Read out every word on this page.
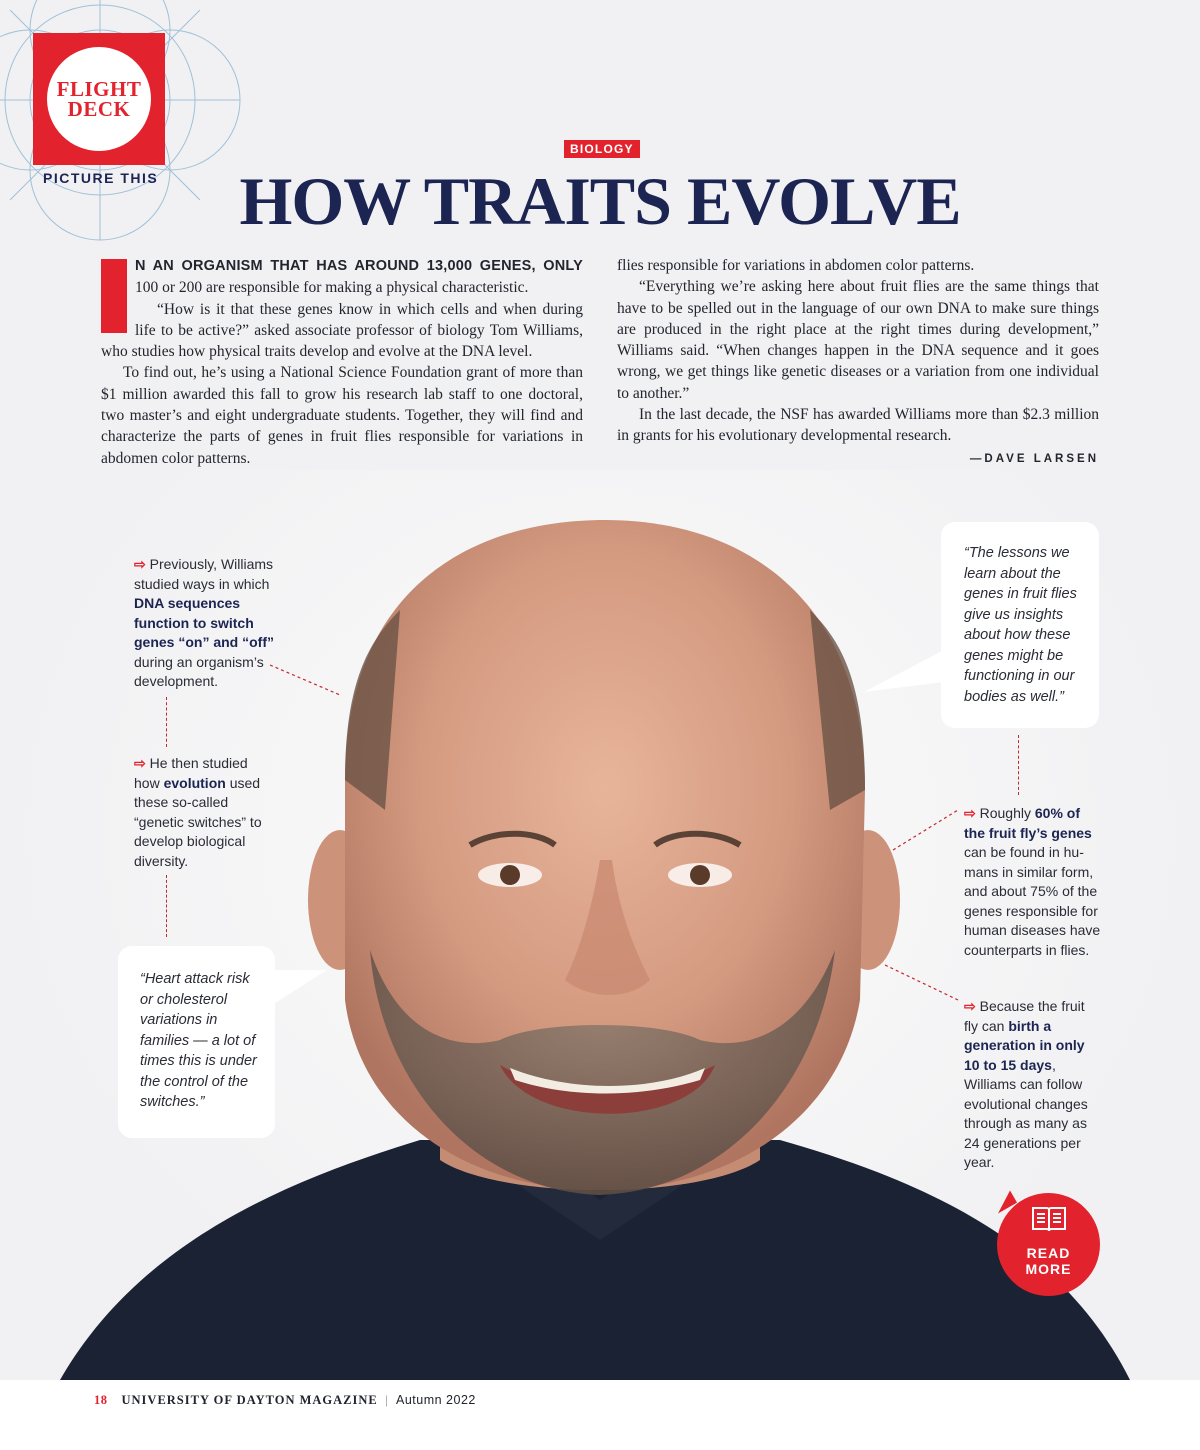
FLIGHT
DECK
PICTURE THIS
BIOLOGY
HOW TRAITS EVOLVE

N AN ORGANISM THAT HAS AROUND 13,000 GENES, ONLY 100 or 200 are responsible for making a physical characteristic.

“How is it that these genes know in which cells and when during life to be active?” asked associate professor of biology Tom Williams, who studies how physical traits develop and evolve at the DNA level.

To find out, he’s using a National Science Foundation grant of more than $1 million awarded this fall to grow his research lab staff to one doctoral, two master’s and eight undergraduate students. Together, they will find and characterize the parts of genes in fruit flies responsible for variations in abdomen color patterns.

flies responsible for variations in abdomen color patterns.

“Everything we’re asking here about fruit flies are the same things that have to be spelled out in the language of our own DNA to make sure things are produced in the right place at the right times during development,” Williams said. “When changes happen in the DNA sequence and it goes wrong, we get things like genetic diseases or a variation from one individual to another.”

In the last decade, the NSF has awarded Williams more than $2.3 million in grants for his evolutionary developmental research.

—DAVE LARSEN

⇨ Previously, Williams studied ways in which DNA sequences function to switch genes “on” and “off” during an organism’s development.
⇨ He then studied how evolution used these so-called “genetic switches” to develop biological diversity.
“Heart attack risk or cholesterol variations in families — a lot of times this is under the control of the switches.”
“The lessons we learn about the genes in fruit flies give us insights about how these genes might be functioning in our bodies as well.”
⇨ Roughly 60% of the fruit fly’s genes can be found in hu-mans in similar form, and about 75% of the genes responsible for human diseases have counterparts in flies.
⇨ Because the fruit fly can birth a generation in only 10 to 15 days, Williams can follow evolutional changes through as many as 24 generations per year.
READ
MORE
18 UNIVERSITY OF DAYTON MAGAZINE | Autumn 2022
